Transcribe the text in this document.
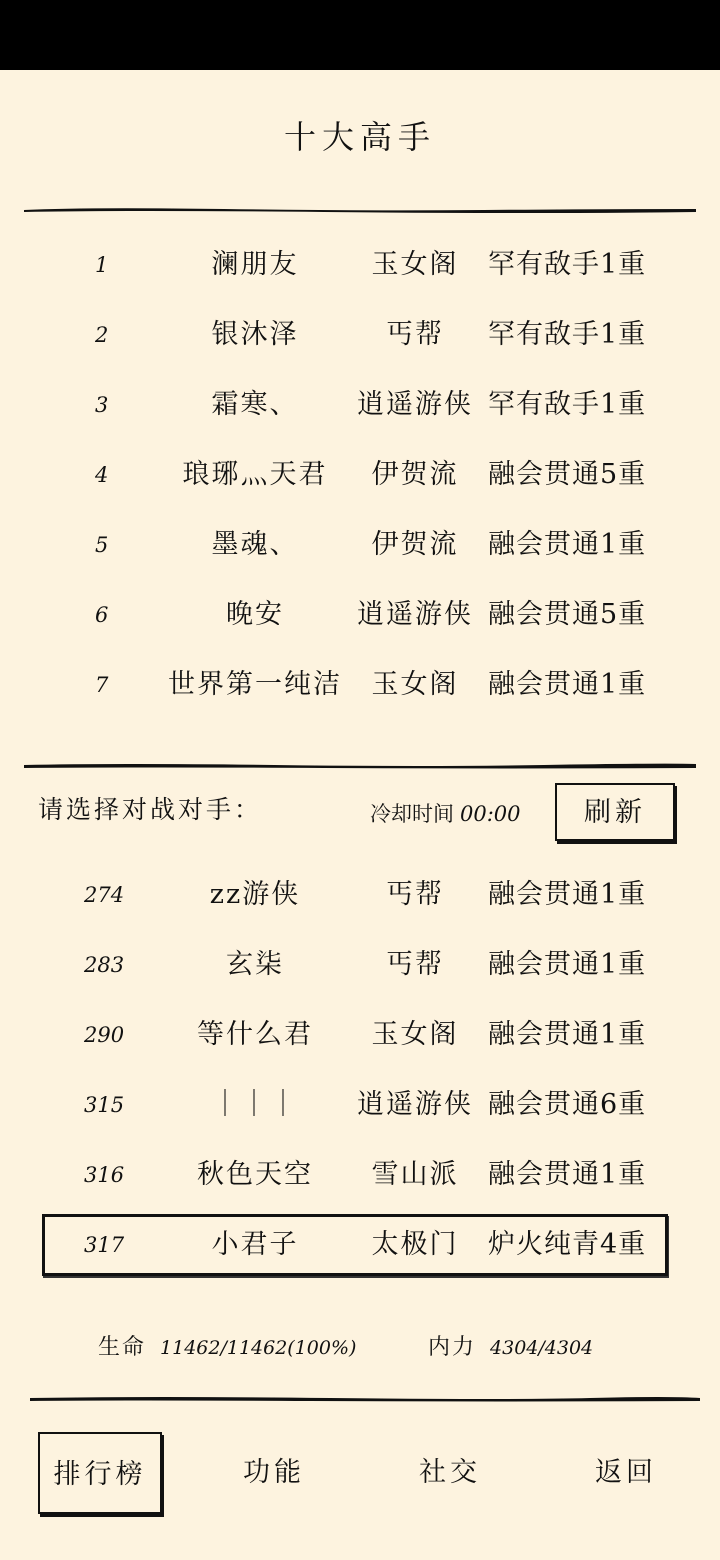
十大高手
1	澜朋友	玉女阁	罕有敌手1重
2	银沐泽	丐帮	罕有敌手1重
3	霜寒、	逍遥游侠 罕有敌手1重
4	琅琊灬天君	伊贺流	融会贯通5重
5	墨魂、	伊贺流	融会贯通1重
6	晚安	逍遥游侠 融会贯通5重
7	世界第一纯洁	玉女阁	融会贯通1重
请选择对战对手：	冷却时间 00:00	刷新
274	zz游侠	丐帮	融会贯通1重
283	玄柒	丐帮	融会贯通1重
290	等什么君	玉女阁	融会贯通1重
315	｜｜｜	逍遥游侠 融会贯通6重
316	秋色天空	雪山派	融会贯通1重
317	小君子	太极门	炉火纯青4重
生命 11462/11462(100%)	内力 4304/4304
排行榜	功能	社交	返回
